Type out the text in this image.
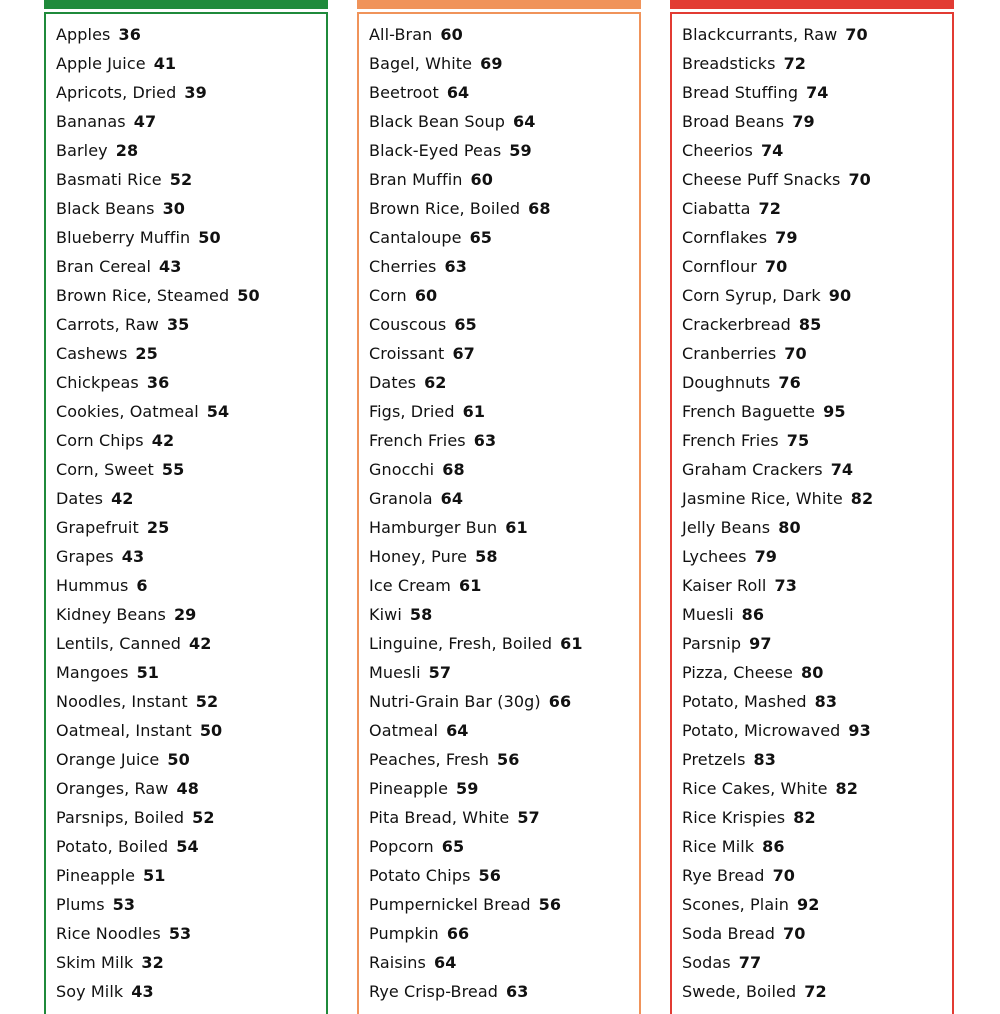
Apples 36
Apple Juice 41
Apricots, Dried 39
Bananas 47
Barley 28
Basmati Rice 52
Black Beans 30
Blueberry Muffin 50
Bran Cereal 43
Brown Rice, Steamed 50
Carrots, Raw 35
Cashews 25
Chickpeas 36
Cookies, Oatmeal 54
Corn Chips 42
Corn, Sweet 55
Dates 42
Grapefruit 25
Grapes 43
Hummus 6
Kidney Beans 29
Lentils, Canned 42
Mangoes 51
Noodles, Instant 52
Oatmeal, Instant 50
Orange Juice 50
Oranges, Raw 48
Parsnips, Boiled 52
Potato, Boiled 54
Pineapple 51
Plums 53
Rice Noodles 53
Skim Milk 32
Soy Milk 43
All-Bran 60
Bagel, White 69
Beetroot 64
Black Bean Soup 64
Black-Eyed Peas 59
Bran Muffin 60
Brown Rice, Boiled 68
Cantaloupe 65
Cherries 63
Corn 60
Couscous 65
Croissant 67
Dates 62
Figs, Dried 61
French Fries 63
Gnocchi 68
Granola 64
Hamburger Bun 61
Honey, Pure 58
Ice Cream 61
Kiwi 58
Linguine, Fresh, Boiled 61
Muesli 57
Nutri-Grain Bar (30g) 66
Oatmeal 64
Peaches, Fresh 56
Pineapple 59
Pita Bread, White 57
Popcorn 65
Potato Chips 56
Pumpernickel Bread 56
Pumpkin 66
Raisins 64
Rye Crisp-Bread 63
Blackcurrants, Raw 70
Breadsticks 72
Bread Stuffing 74
Broad Beans 79
Cheerios 74
Cheese Puff Snacks 70
Ciabatta 72
Cornflakes 79
Cornflour 70
Corn Syrup, Dark 90
Crackerbread 85
Cranberries 70
Doughnuts 76
French Baguette 95
French Fries 75
Graham Crackers 74
Jasmine Rice, White 82
Jelly Beans 80
Lychees 79
Kaiser Roll 73
Muesli 86
Parsnip 97
Pizza, Cheese 80
Potato, Mashed 83
Potato, Microwaved 93
Pretzels 83
Rice Cakes, White 82
Rice Krispies 82
Rice Milk 86
Rye Bread 70
Scones, Plain 92
Soda Bread 70
Sodas 77
Swede, Boiled 72
